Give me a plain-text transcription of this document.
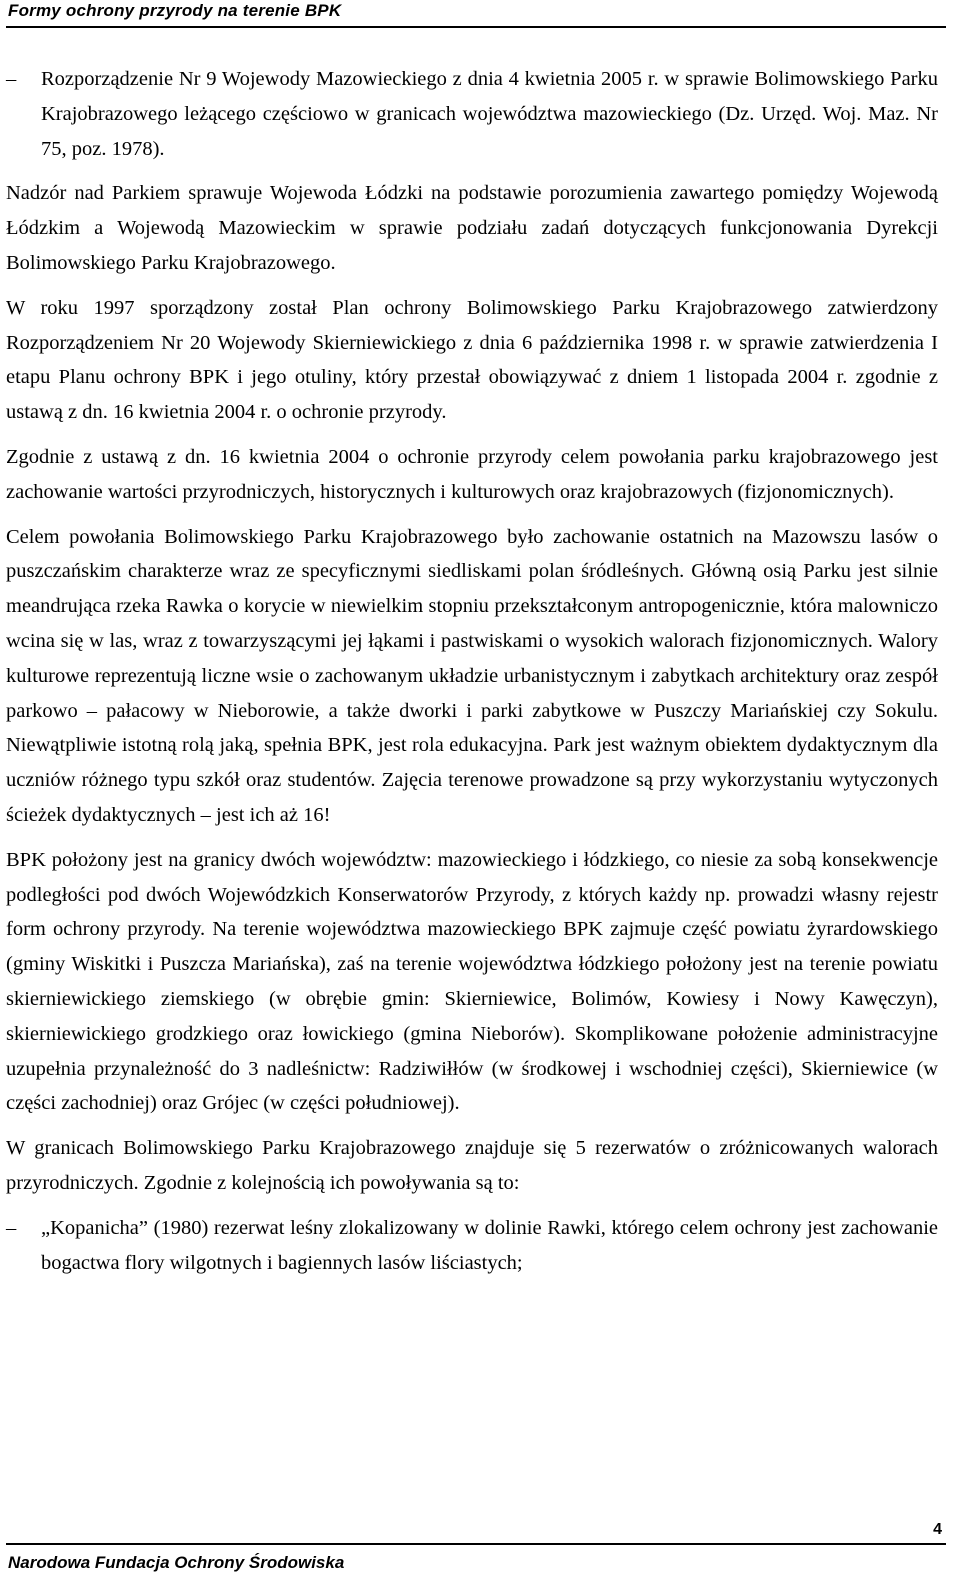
Formy ochrony przyrody na terenie BPK
–	Rozporządzenie Nr 9 Wojewody Mazowieckiego z dnia 4 kwietnia 2005 r. w sprawie Bolimowskiego Parku Krajobrazowego leżącego częściowo w granicach województwa mazowieckiego (Dz. Urzęd. Woj. Maz. Nr 75, poz. 1978).

Nadzór nad Parkiem sprawuje Wojewoda Łódzki na podstawie porozumienia zawartego pomiędzy Wojewodą Łódzkim a Wojewodą Mazowieckim w sprawie podziału zadań dotyczących funkcjonowania Dyrekcji Bolimowskiego Parku Krajobrazowego.

W roku 1997 sporządzony został Plan ochrony Bolimowskiego Parku Krajobrazowego zatwierdzony Rozporządzeniem Nr 20 Wojewody Skierniewickiego z dnia 6 października 1998 r. w sprawie zatwierdzenia I etapu Planu ochrony BPK i jego otuliny, który przestał obowiązywać z dniem 1 listopada 2004 r. zgodnie z ustawą z dn. 16 kwietnia 2004 r. o ochronie przyrody.

Zgodnie z ustawą z dn. 16 kwietnia 2004 o ochronie przyrody celem powołania parku krajobrazowego jest zachowanie wartości przyrodniczych, historycznych i kulturowych oraz krajobrazowych (fizjonomicznych).

Celem powołania Bolimowskiego Parku Krajobrazowego było zachowanie ostatnich na Mazowszu lasów o puszczańskim charakterze wraz ze specyficznymi siedliskami polan śródleśnych. Główną osią Parku jest silnie meandrująca rzeka Rawka o korycie w niewielkim stopniu przekształconym antropogenicznie, która malowniczo wcina się w las, wraz z towarzyszącymi jej łąkami i pastwiskami o wysokich walorach fizjonomicznych. Walory kulturowe reprezentują liczne wsie o zachowanym układzie urbanistycznym i zabytkach architektury oraz zespół parkowo – pałacowy w Nieborowie, a także dworki i parki zabytkowe w Puszczy Mariańskiej czy Sokulu. Niewątpliwie istotną rolą jaką, spełnia BPK, jest rola edukacyjna. Park jest ważnym obiektem dydaktycznym dla uczniów różnego typu szkół oraz studentów. Zajęcia terenowe prowadzone są przy wykorzystaniu wytyczonych ścieżek dydaktycznych – jest ich aż 16!

BPK położony jest na granicy dwóch województw: mazowieckiego i łódzkiego, co niesie za sobą konsekwencje podległości pod dwóch Wojewódzkich Konserwatorów Przyrody, z których każdy np. prowadzi własny rejestr form ochrony przyrody. Na terenie województwa mazowieckiego BPK zajmuje część powiatu żyrardowskiego (gminy Wiskitki i Puszcza Mariańska), zaś na terenie województwa łódzkiego położony jest na terenie powiatu skierniewickiego ziemskiego (w obrębie gmin: Skierniewice, Bolimów, Kowiesy i Nowy Kawęczyn), skierniewickiego grodzkiego oraz łowickiego (gmina Nieborów). Skomplikowane położenie administracyjne uzupełnia przynależność do 3 nadleśnictw: Radziwiłłów (w środkowej i wschodniej części), Skierniewice (w części zachodniej) oraz Grójec (w części południowej).

W granicach Bolimowskiego Parku Krajobrazowego znajduje się 5 rezerwatów o zróżnicowanych walorach przyrodniczych. Zgodnie z kolejnością ich powoływania są to:

–	„Kopanicha” (1980) rezerwat leśny zlokalizowany w dolinie Rawki, którego celem ochrony jest zachowanie bogactwa flory wilgotnych i bagiennych lasów liściastych;
4
Narodowa Fundacja Ochrony Środowiska
